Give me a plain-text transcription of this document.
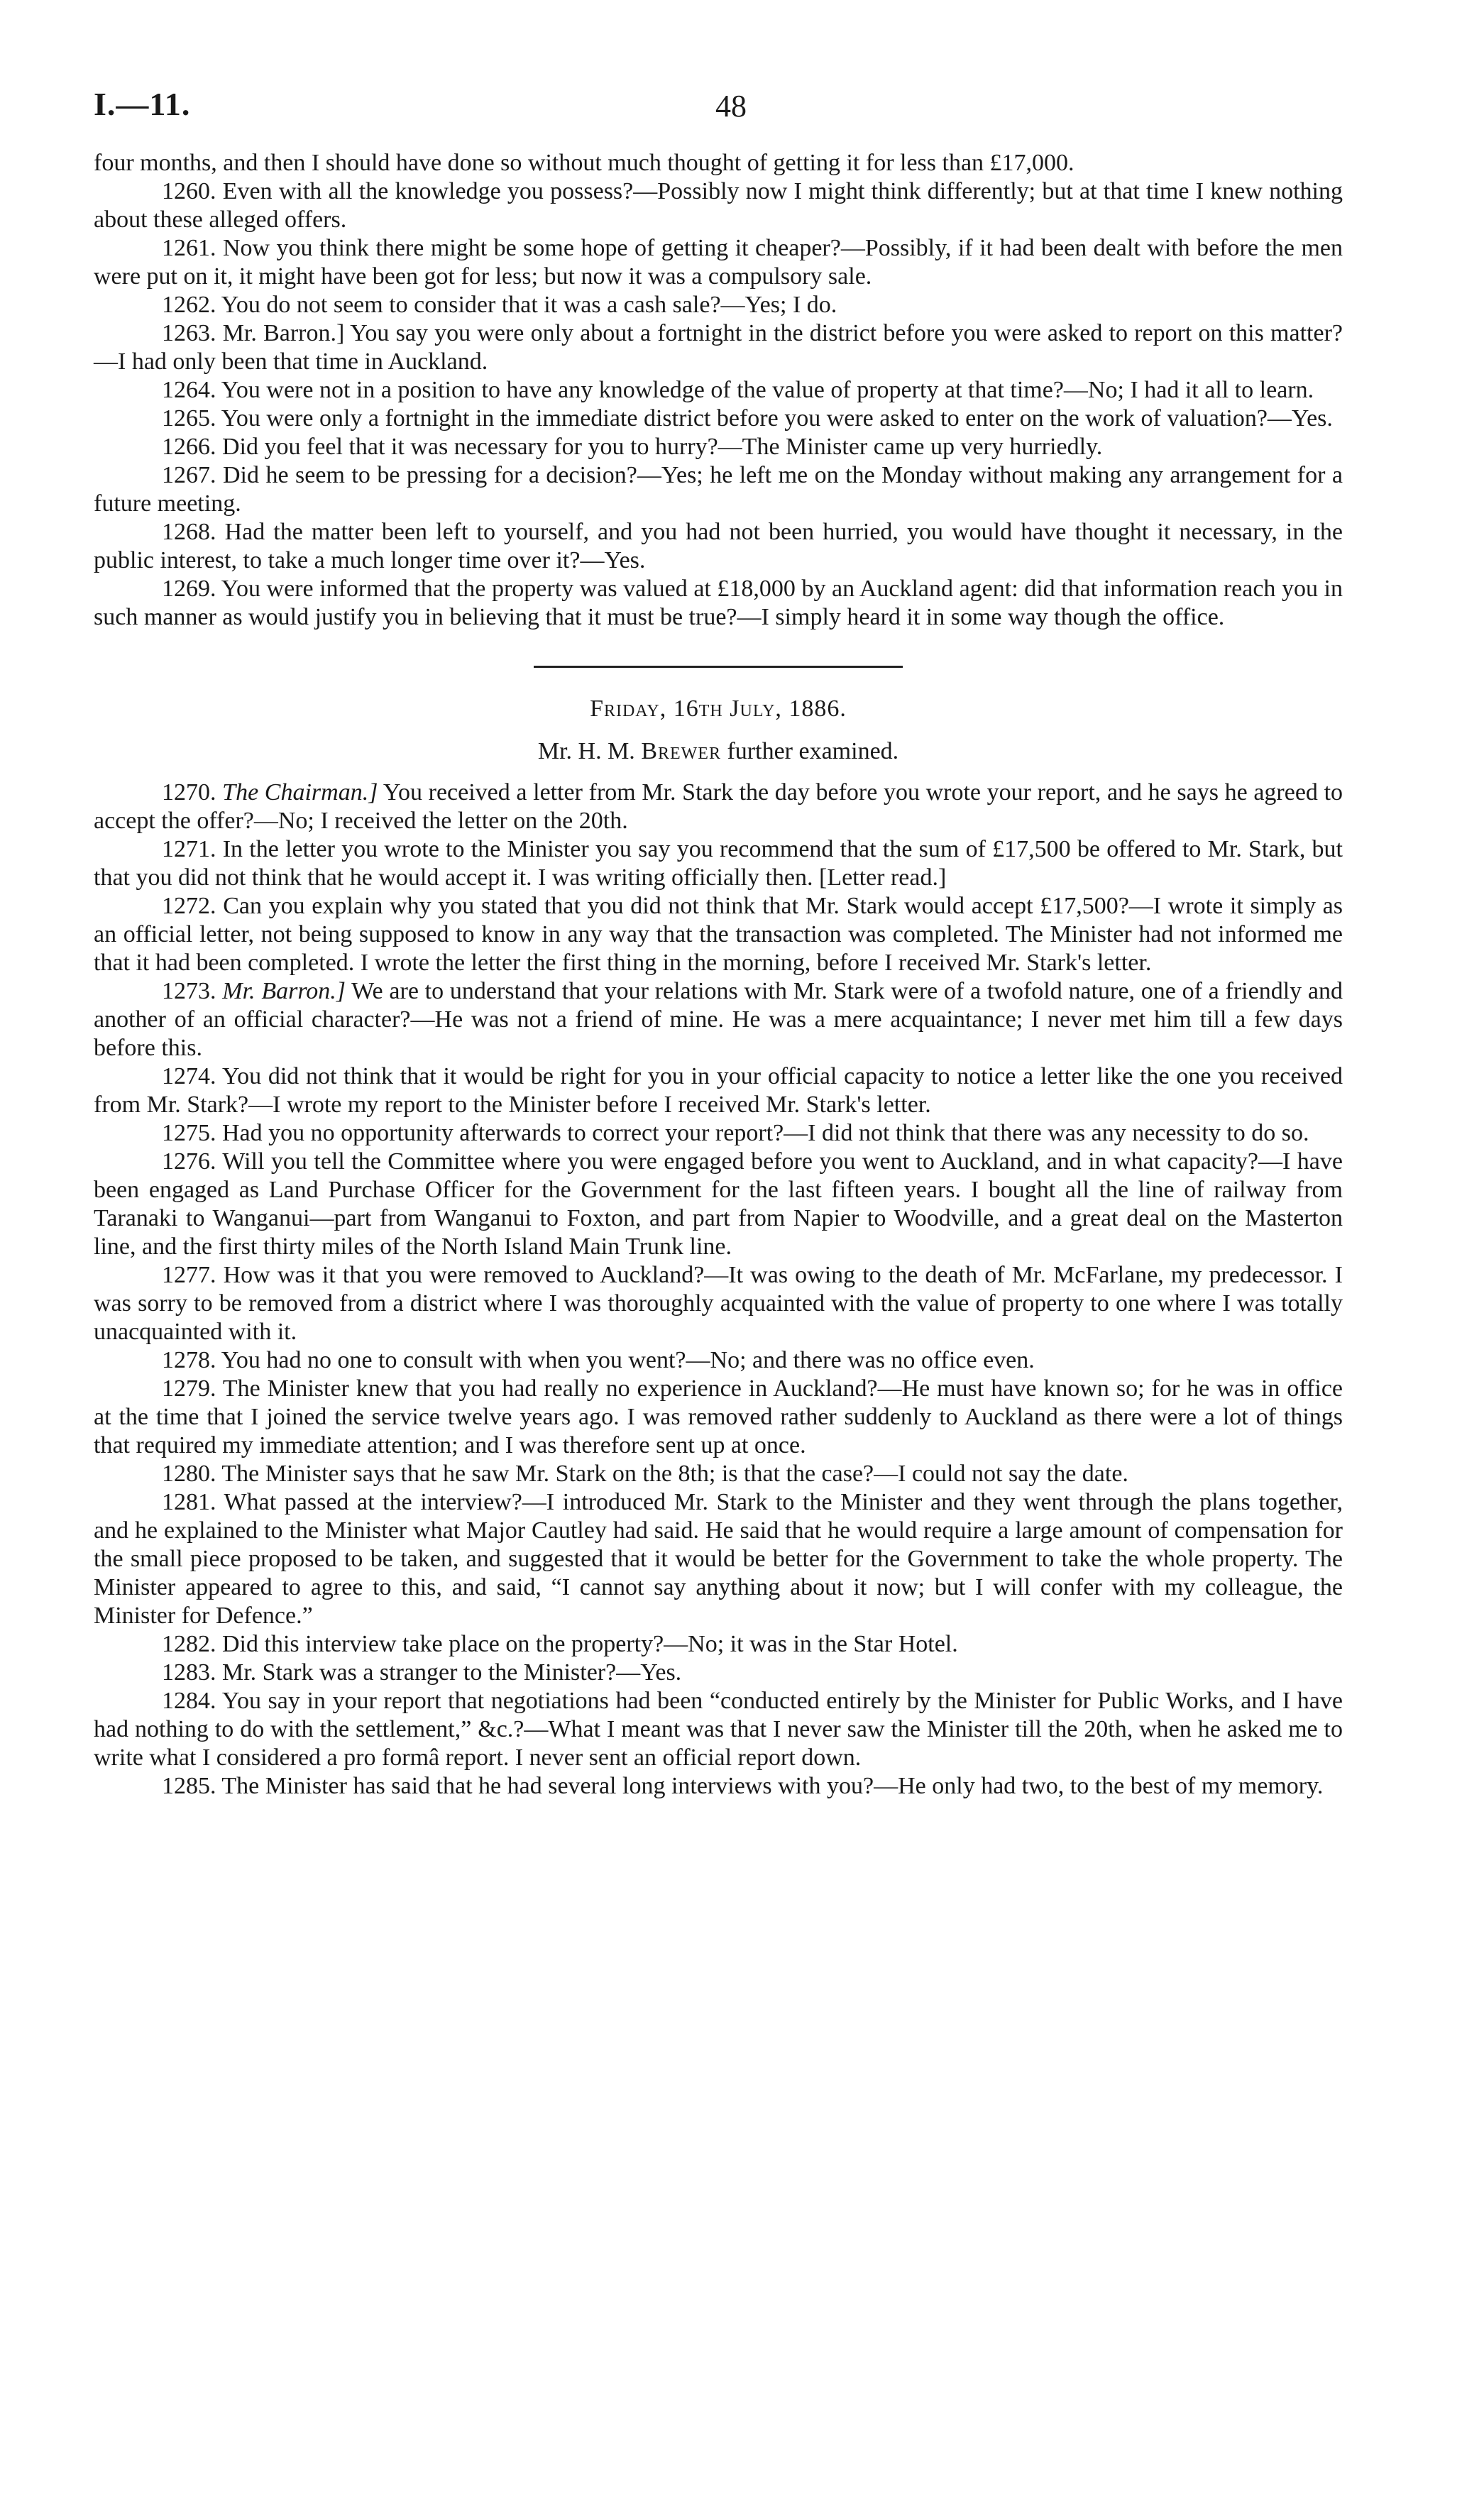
I.—11.	48

four months, and then I should have done so without much thought of getting it for less than £17,000.

1260. Even with all the knowledge you possess?—Possibly now I might think differently; but at that time I knew nothing about these alleged offers.

1261. Now you think there might be some hope of getting it cheaper?—Possibly, if it had been dealt with before the men were put on it, it might have been got for less; but now it was a compulsory sale.

1262. You do not seem to consider that it was a cash sale?—Yes; I do.

1263. Mr. Barron.] You say you were only about a fortnight in the district before you were asked to report on this matter?—I had only been that time in Auckland.

1264. You were not in a position to have any knowledge of the value of property at that time?—No; I had it all to learn.

1265. You were only a fortnight in the immediate district before you were asked to enter on the work of valuation?—Yes.

1266. Did you feel that it was necessary for you to hurry?—The Minister came up very hurriedly.

1267. Did he seem to be pressing for a decision?—Yes; he left me on the Monday without making any arrangement for a future meeting.

1268. Had the matter been left to yourself, and you had not been hurried, you would have thought it necessary, in the public interest, to take a much longer time over it?—Yes.

1269. You were informed that the property was valued at £18,000 by an Auckland agent: did that information reach you in such manner as would justify you in believing that it must be true?—I simply heard it in some way though the office.

Friday, 16th July, 1886.
Mr. H. M. Brewer further examined.

1270. The Chairman.] You received a letter from Mr. Stark the day before you wrote your report, and he says he agreed to accept the offer?—No; I received the letter on the 20th.

1271. In the letter you wrote to the Minister you say you recommend that the sum of £17,500 be offered to Mr. Stark, but that you did not think that he would accept it. I was writing officially then. [Letter read.]

1272. Can you explain why you stated that you did not think that Mr. Stark would accept £17,500?—I wrote it simply as an official letter, not being supposed to know in any way that the transaction was completed. The Minister had not informed me that it had been completed. I wrote the letter the first thing in the morning, before I received Mr. Stark's letter.

1273. Mr. Barron.] We are to understand that your relations with Mr. Stark were of a twofold nature, one of a friendly and another of an official character?—He was not a friend of mine. He was a mere acquaintance; I never met him till a few days before this.

1274. You did not think that it would be right for you in your official capacity to notice a letter like the one you received from Mr. Stark?—I wrote my report to the Minister before I received Mr. Stark's letter.

1275. Had you no opportunity afterwards to correct your report?—I did not think that there was any necessity to do so.

1276. Will you tell the Committee where you were engaged before you went to Auckland, and in what capacity?—I have been engaged as Land Purchase Officer for the Government for the last fifteen years. I bought all the line of railway from Taranaki to Wanganui—part from Wanganui to Foxton, and part from Napier to Woodville, and a great deal on the Masterton line, and the first thirty miles of the North Island Main Trunk line.

1277. How was it that you were removed to Auckland?—It was owing to the death of Mr. McFarlane, my predecessor. I was sorry to be removed from a district where I was thoroughly acquainted with the value of property to one where I was totally unacquainted with it.

1278. You had no one to consult with when you went?—No; and there was no office even.

1279. The Minister knew that you had really no experience in Auckland?—He must have known so; for he was in office at the time that I joined the service twelve years ago. I was removed rather suddenly to Auckland as there were a lot of things that required my immediate attention; and I was therefore sent up at once.

1280. The Minister says that he saw Mr. Stark on the 8th; is that the case?—I could not say the date.

1281. What passed at the interview?—I introduced Mr. Stark to the Minister and they went through the plans together, and he explained to the Minister what Major Cautley had said. He said that he would require a large amount of compensation for the small piece proposed to be taken, and suggested that it would be better for the Government to take the whole property. The Minister appeared to agree to this, and said, “I cannot say anything about it now; but I will confer with my colleague, the Minister for Defence.”

1282. Did this interview take place on the property?—No; it was in the Star Hotel.

1283. Mr. Stark was a stranger to the Minister?—Yes.

1284. You say in your report that negotiations had been “conducted entirely by the Minister for Public Works, and I have had nothing to do with the settlement,” &c.?—What I meant was that I never saw the Minister till the 20th, when he asked me to write what I considered a pro formâ report. I never sent an official report down.

1285. The Minister has said that he had several long interviews with you?—He only had two, to the best of my memory.
